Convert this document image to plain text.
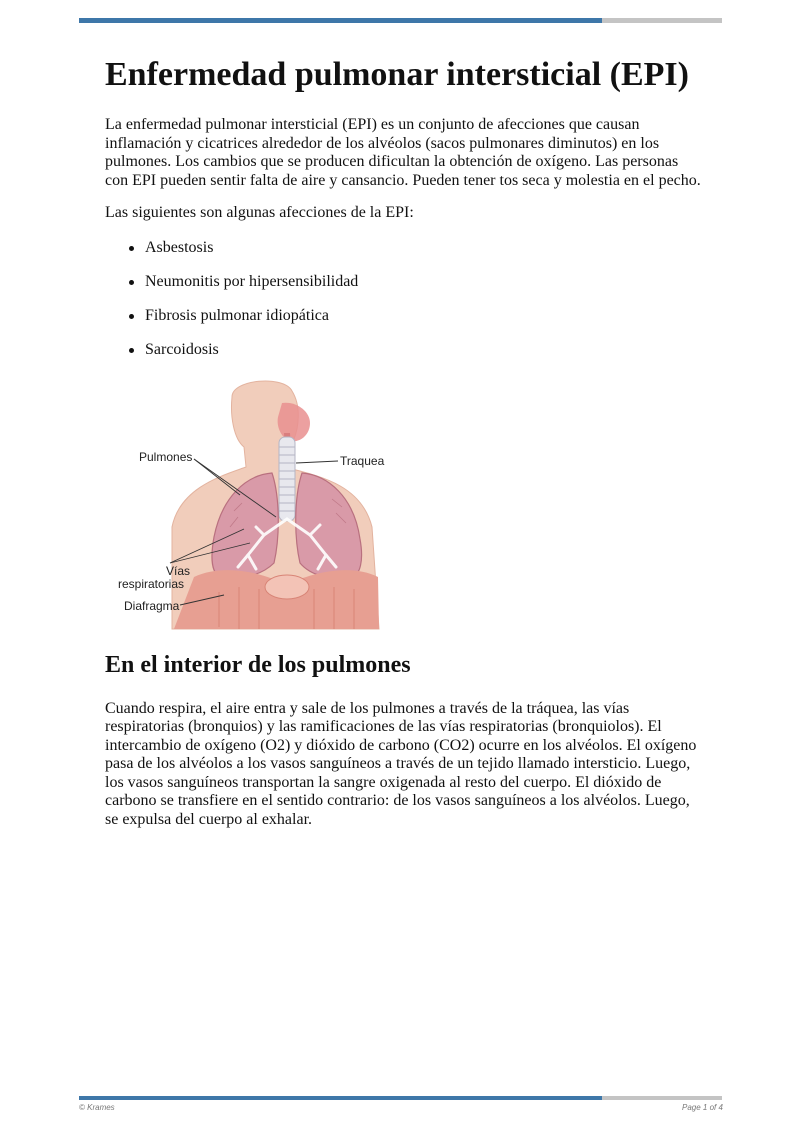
Enfermedad pulmonar intersticial (EPI)

La enfermedad pulmonar intersticial (EPI) es un conjunto de afecciones que causan inflamación y cicatrices alrededor de los alvéolos (sacos pulmonares diminutos) en los pulmones. Los cambios que se producen dificultan la obtención de oxígeno. Las personas con EPI pueden sentir falta de aire y cansancio. Pueden tener tos seca y molestia en el pecho.

Las siguientes son algunas afecciones de la EPI:

Asbestosis
Neumonitis por hipersensibilidad
Fibrosis pulmonar idiopática
Sarcoidosis
Pulmones	Traquea
Vías
respiratorias
Diafragma
En el interior de los pulmones

Cuando respira, el aire entra y sale de los pulmones a través de la tráquea, las vías respiratorias (bronquios) y las ramificaciones de las vías respiratorias (bronquiolos). El intercambio de oxígeno (O2) y dióxido de carbono (CO2) ocurre en los alvéolos. El oxígeno pasa de los alvéolos a los vasos sanguíneos a través de un tejido llamado intersticio. Luego, los vasos sanguíneos transportan la sangre oxigenada al resto del cuerpo. El dióxido de carbono se transfiere en el sentido contrario: de los vasos sanguíneos a los alvéolos. Luego, se expulsa del cuerpo al exhalar.

© Krames	Page 1 of 4
